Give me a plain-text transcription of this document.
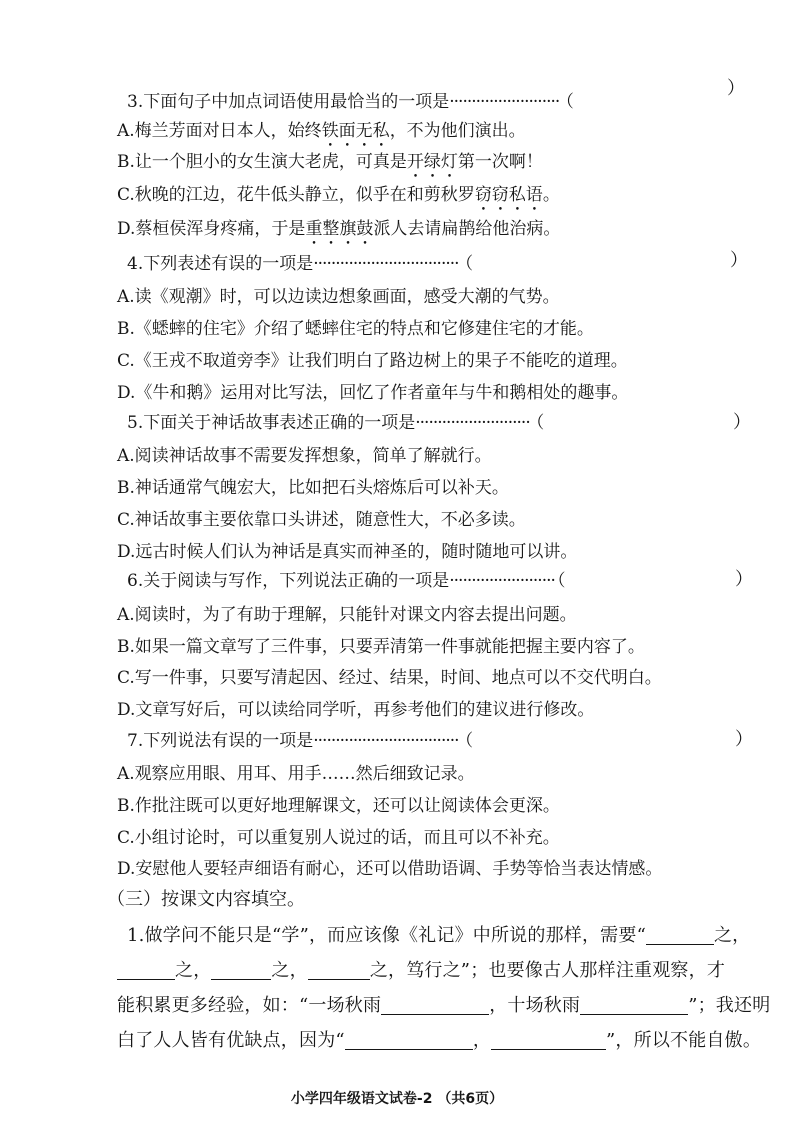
3.下面句子中加点词语使用最恰当的一项是························· （
）
A.梅兰芳面对日本人，始终铁面无私，不为他们演出。
B.让一个胆小的女生演大老虎，可真是开绿灯第一次啊！
C.秋晚的江边，花牛低头静立，似乎在和剪秋罗窃窃私语。
D.蔡桓侯浑身疼痛，于是重整旗鼓派人去请扁鹊给他治病。
4.下列表述有误的一项是································· （	）
A.读《观潮》时，可以边读边想象画面，感受大潮的气势。
B.《蟋蟀的住宅》介绍了蟋蟀住宅的特点和它修建住宅的才能。
C.《王戎不取道旁李》让我们明白了路边树上的果子不能吃的道理。
D.《牛和鹅》运用对比写法，回忆了作者童年与牛和鹅相处的趣事。
5.下面关于神话故事表述正确的一项是·························· （	）
A.阅读神话故事不需要发挥想象，简单了解就行。
B.神话通常气魄宏大，比如把石头熔炼后可以补天。
C.神话故事主要依靠口头讲述，随意性大，不必多读。
D.远古时候人们认为神话是真实而神圣的，随时随地可以讲。
6.关于阅读与写作，下列说法正确的一项是························ （	）
A.阅读时，为了有助于理解，只能针对课文内容去提出问题。
B.如果一篇文章写了三件事，只要弄清第一件事就能把握主要内容了。
C.写一件事，只要写清起因、经过、结果，时间、地点可以不交代明白。
D.文章写好后，可以读给同学听，再参考他们的建议进行修改。
7.下列说法有误的一项是································· （	）
A.观察应用眼、用耳、用手……然后细致记录。
B.作批注既可以更好地理解课文，还可以让阅读体会更深。
C.小组讨论时，可以重复别人说过的话，而且可以不补充。
D.安慰他人要轻声细语有耐心，还可以借助语调、手势等恰当表达情感。
（三）按课文内容填空。
1.做学问不能只是“学”，而应该像《礼记》中所说的那样，需要“	之，
之，	之，	之，笃行之”；也要像古人那样注重观察，才
能积累更多经验，如：“一场秋雨	，十场秋雨	”；我还明
白了人人皆有优缺点，因为“	，	”，所以不能自傲。
小学四年级语文试卷-2 （共6页）
